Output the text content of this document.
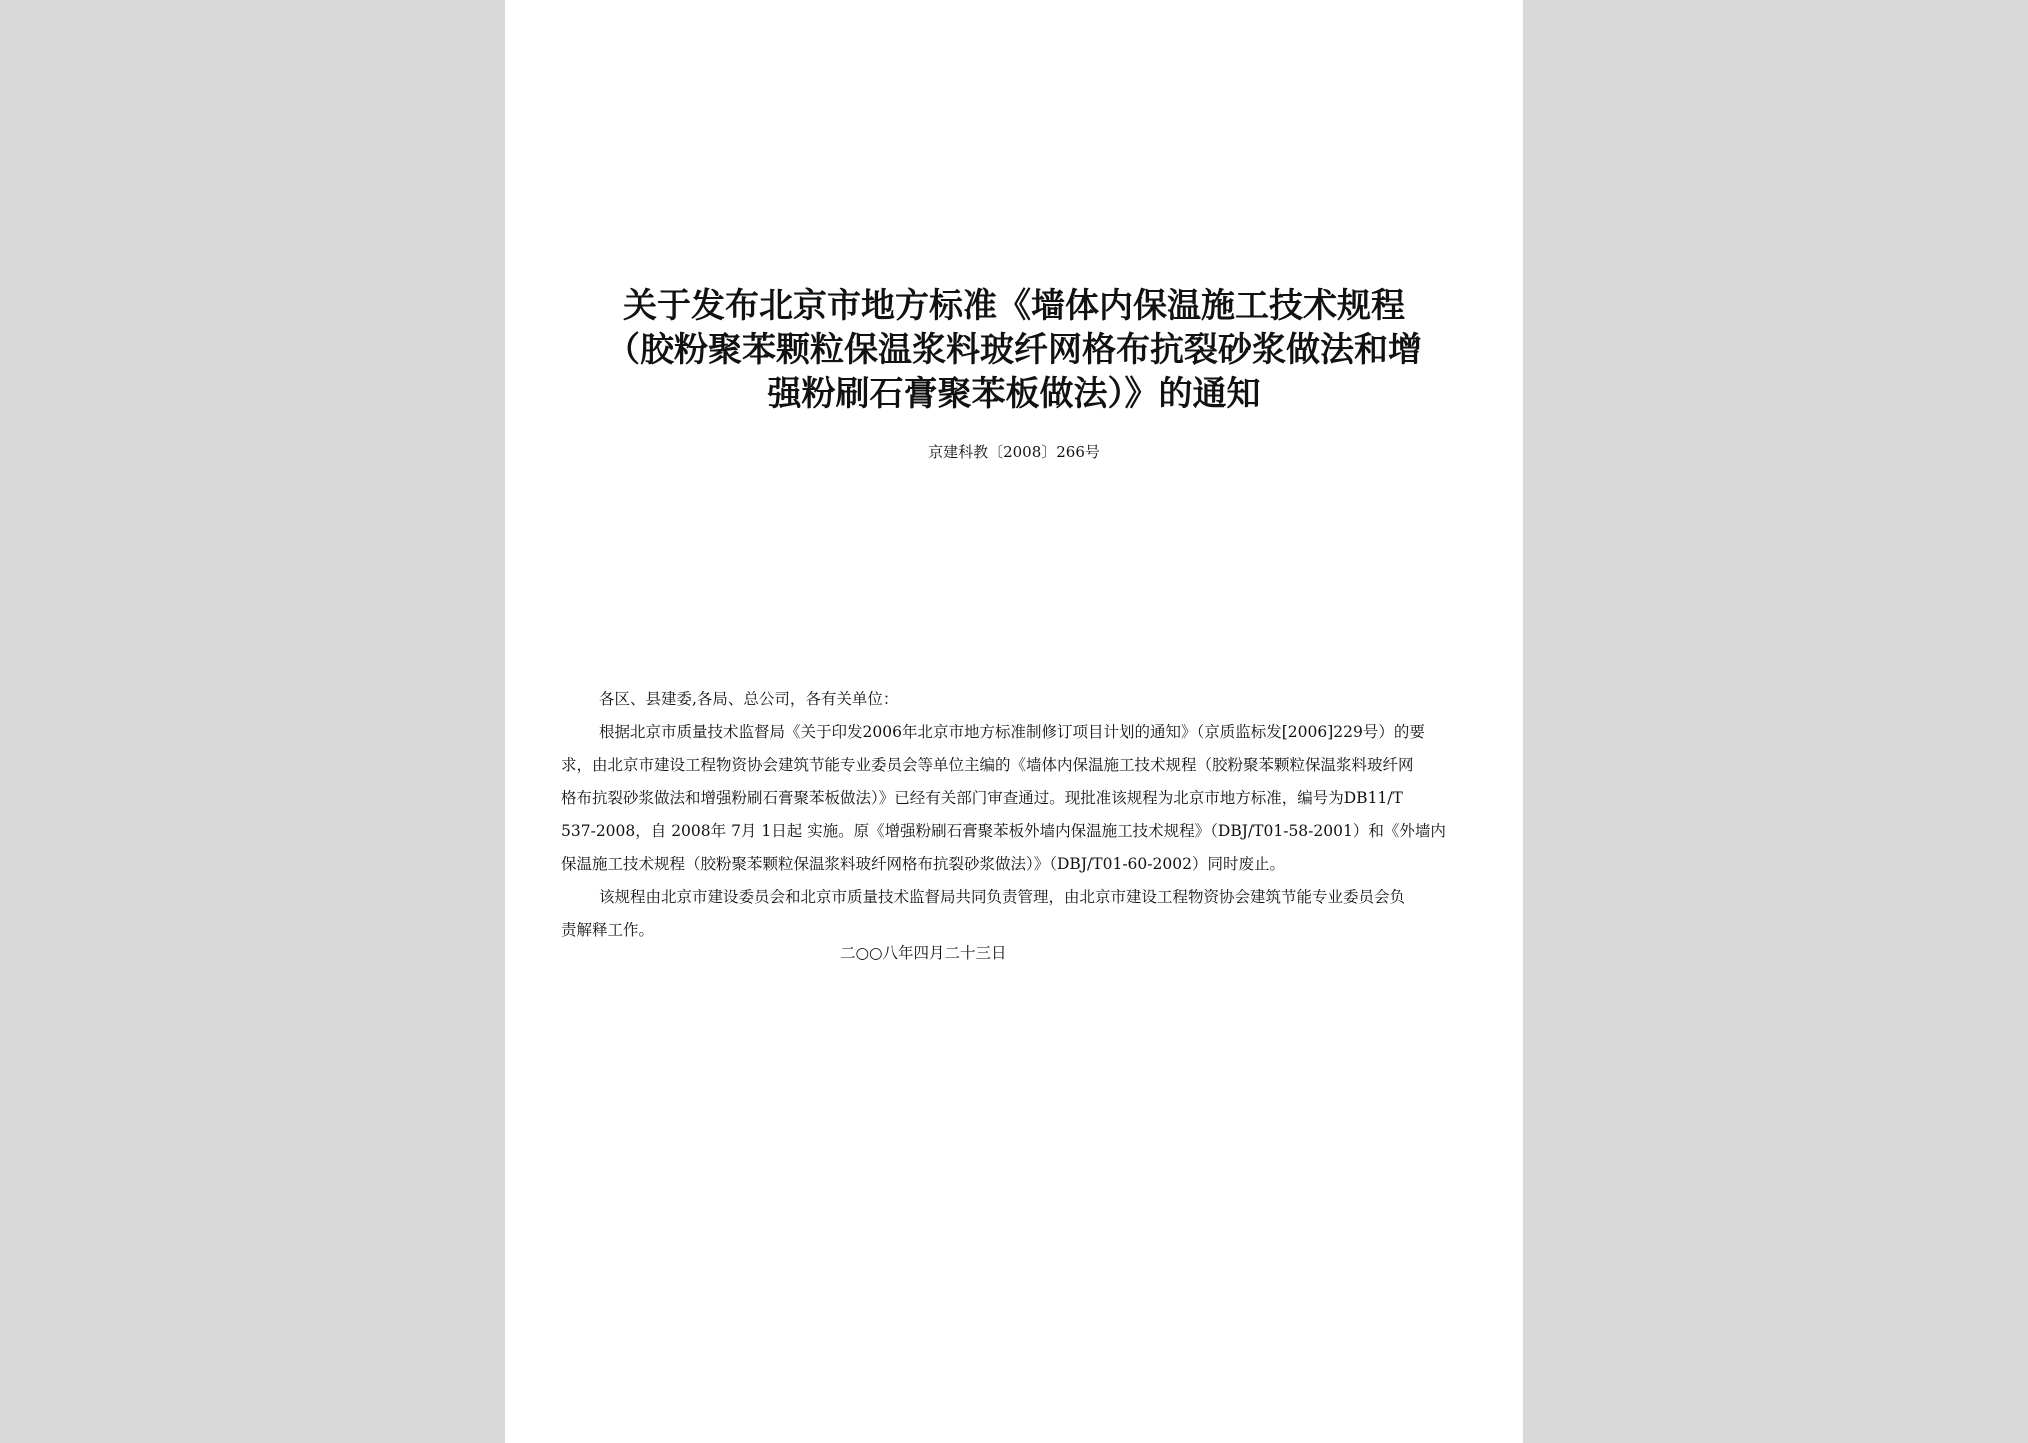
关于发布北京市地方标准《墙体内保温施工技术规程
（胶粉聚苯颗粒保温浆料玻纤网格布抗裂砂浆做法和增
强粉刷石膏聚苯板做法）》的通知
京建科教〔2008〕266号
各区、县建委,各局、总公司，各有关单位：
根据北京市质量技术监督局《关于印发2006年北京市地方标准制修订项目计划的通知》（京质监标发[2006]229号）的要
求，由北京市建设工程物资协会建筑节能专业委员会等单位主编的《墙体内保温施工技术规程（胶粉聚苯颗粒保温浆料玻纤网
格布抗裂砂浆做法和增强粉刷石膏聚苯板做法）》已经有关部门审查通过。现批准该规程为北京市地方标准，编号为DB11/T
537-2008，自 2008年 7月 1日起 实施。原《增强粉刷石膏聚苯板外墙内保温施工技术规程》（DBJ/T01-58-2001）和《外墙内
保温施工技术规程（胶粉聚苯颗粒保温浆料玻纤网格布抗裂砂浆做法）》（DBJ/T01-60-2002）同时废止。
该规程由北京市建设委员会和北京市质量技术监督局共同负责管理，由北京市建设工程物资协会建筑节能专业委员会负
责解释工作。
二○○八年四月二十三日
